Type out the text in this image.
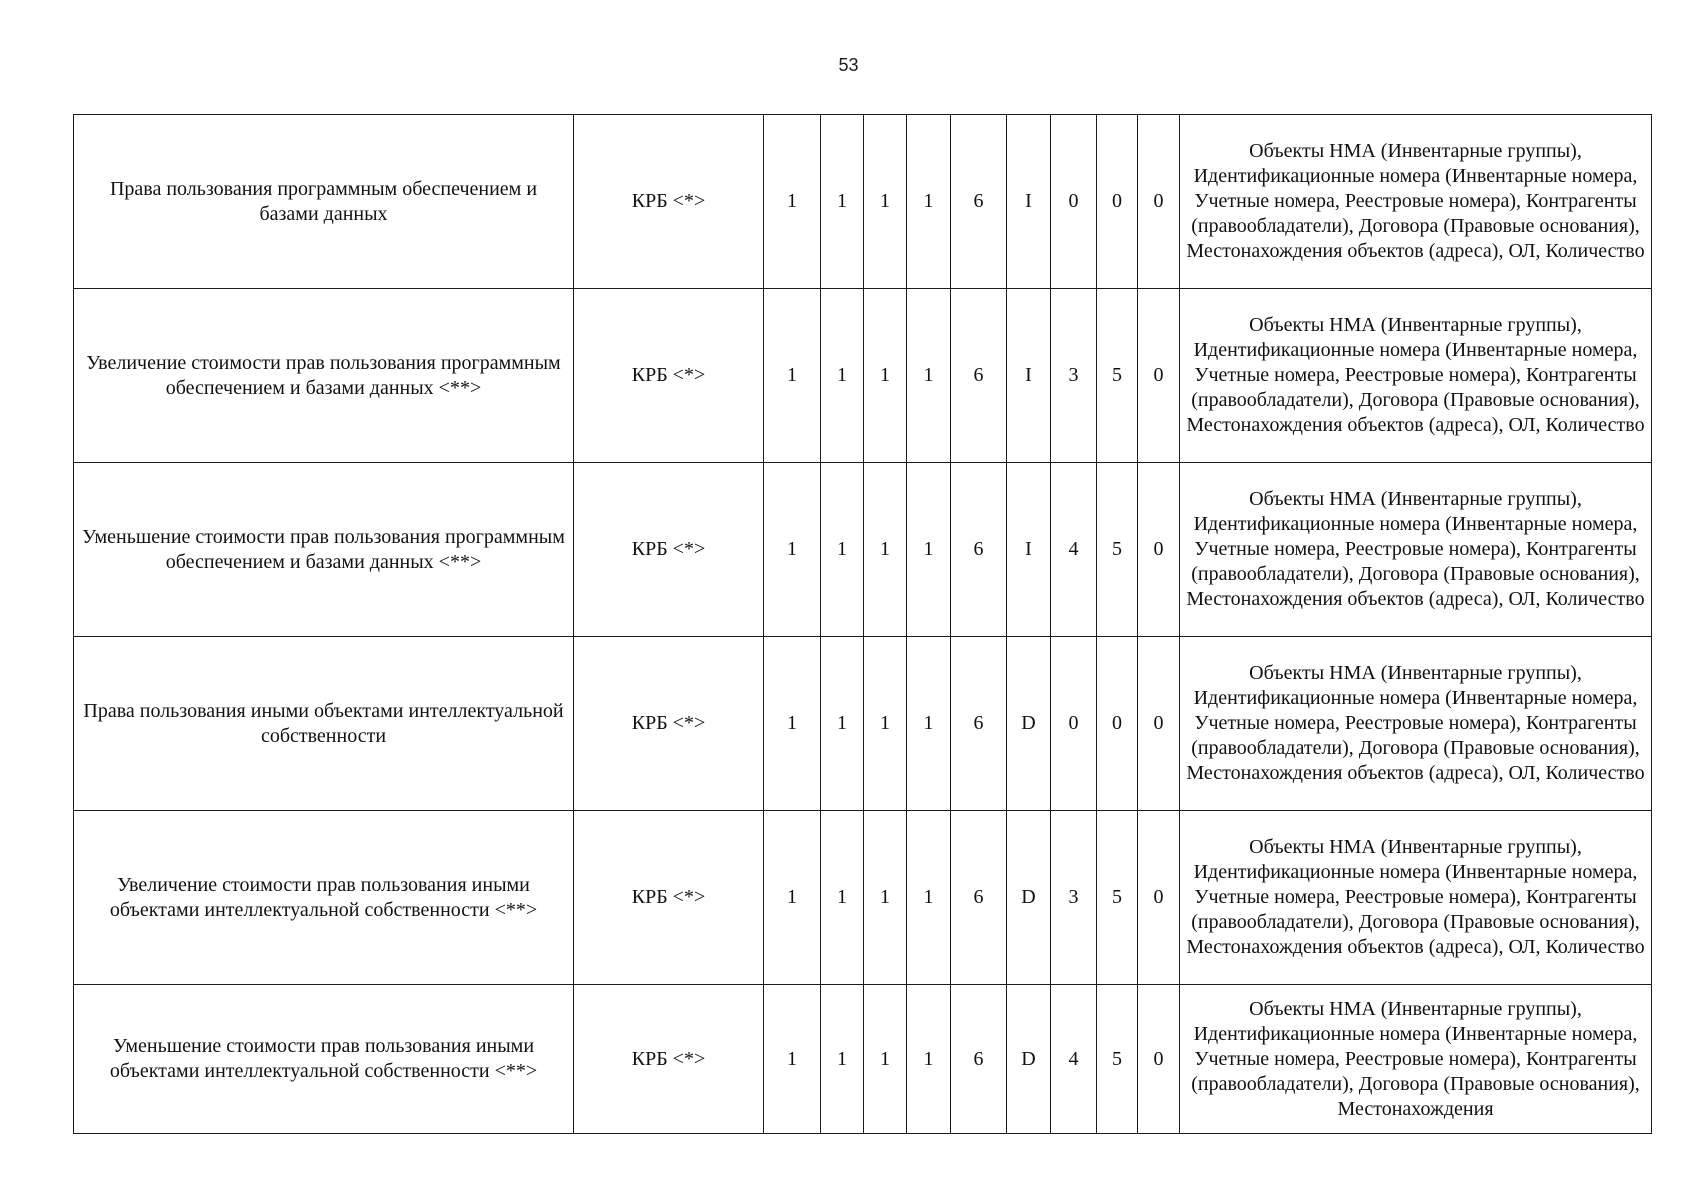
53
Права пользования программным обеспечением и базами данных	КРБ <*>	1	1	1	1	6	I	0	0	0	Объекты НМА (Инвентарные группы), Идентификационные номера (Инвентарные номера, Учетные номера, Реестровые номера), Контрагенты (правообладатели), Договора (Правовые основания), Местонахождения объектов (адреса), ОЛ, Количество
Увеличение стоимости прав пользования программным обеспечением и базами данных <**>	КРБ <*>	1	1	1	1	6	I	3	5	0	Объекты НМА (Инвентарные группы), Идентификационные номера (Инвентарные номера, Учетные номера, Реестровые номера), Контрагенты (правообладатели), Договора (Правовые основания), Местонахождения объектов (адреса), ОЛ, Количество
Уменьшение стоимости прав пользования программным обеспечением и базами данных <**>	КРБ <*>	1	1	1	1	6	I	4	5	0	Объекты НМА (Инвентарные группы), Идентификационные номера (Инвентарные номера, Учетные номера, Реестровые номера), Контрагенты (правообладатели), Договора (Правовые основания), Местонахождения объектов (адреса), ОЛ, Количество
Права пользования иными объектами интеллектуальной собственности	КРБ <*>	1	1	1	1	6	D	0	0	0	Объекты НМА (Инвентарные группы), Идентификационные номера (Инвентарные номера, Учетные номера, Реестровые номера), Контрагенты (правообладатели), Договора (Правовые основания), Местонахождения объектов (адреса), ОЛ, Количество
Увеличение стоимости прав пользования иными объектами интеллектуальной собственности <**>	КРБ <*>	1	1	1	1	6	D	3	5	0	Объекты НМА (Инвентарные группы), Идентификационные номера (Инвентарные номера, Учетные номера, Реестровые номера), Контрагенты (правообладатели), Договора (Правовые основания), Местонахождения объектов (адреса), ОЛ, Количество
Уменьшение стоимости прав пользования иными объектами интеллектуальной собственности <**>	КРБ <*>	1	1	1	1	6	D	4	5	0	Объекты НМА (Инвентарные группы), Идентификационные номера (Инвентарные номера, Учетные номера, Реестровые номера), Контрагенты (правообладатели), Договора (Правовые основания), Местонахождения
